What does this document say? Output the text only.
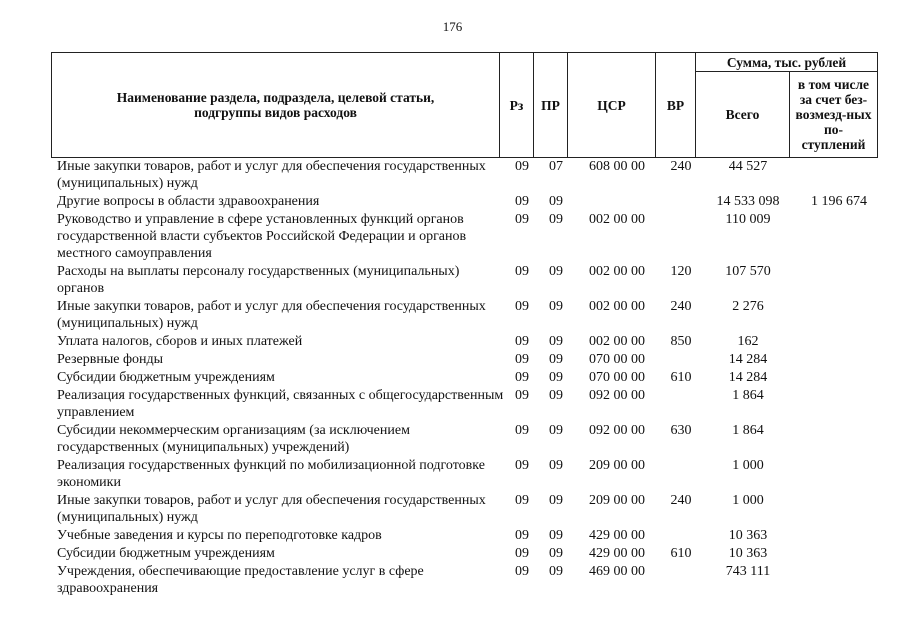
176
Наименование раздела, подраздела, целевой статьи, подгруппы видов расходов	Рз	ПР	ЦСР	ВР	Сумма, тыс. рублей	
					Всего	в том числе за счет без-возмезд-ных по-ступлений
Иные закупки товаров, работ и услуг для обеспечения государственных (муниципальных) нужд	09	07	608 00 00	240	44 527	
Другие вопросы в области здравоохранения	09	09			14 533 098	1 196 674
Руководство и управление в сфере установленных функций органов государственной власти субъектов Российской Федерации и органов местного самоуправления	09	09	002 00 00		110 009	
Расходы на выплаты персоналу государственных (муниципальных) органов	09	09	002 00 00	120	107 570	
Иные закупки товаров, работ и услуг для обеспечения государственных (муниципальных) нужд	09	09	002 00 00	240	2 276	
Уплата налогов, сборов и иных платежей	09	09	002 00 00	850	162	
Резервные фонды	09	09	070 00 00		14 284	
Субсидии бюджетным учреждениям	09	09	070 00 00	610	14 284	
Реализация государственных функций, связанных с общегосударственным управлением	09	09	092 00 00		1 864	
Субсидии некоммерческим организациям (за исключением государственных (муниципальных) учреждений)	09	09	092 00 00	630	1 864	
Реализация государственных функций по мобилизационной подготовке экономики	09	09	209 00 00		1 000	
Иные закупки товаров, работ и услуг для обеспечения государственных (муниципальных) нужд	09	09	209 00 00	240	1 000	
Учебные заведения и курсы по переподготовке кадров	09	09	429 00 00		10 363	
Субсидии бюджетным учреждениям	09	09	429 00 00	610	10 363	
Учреждения, обеспечивающие предоставление услуг в сфере здравоохранения	09	09	469 00 00		743 111	
